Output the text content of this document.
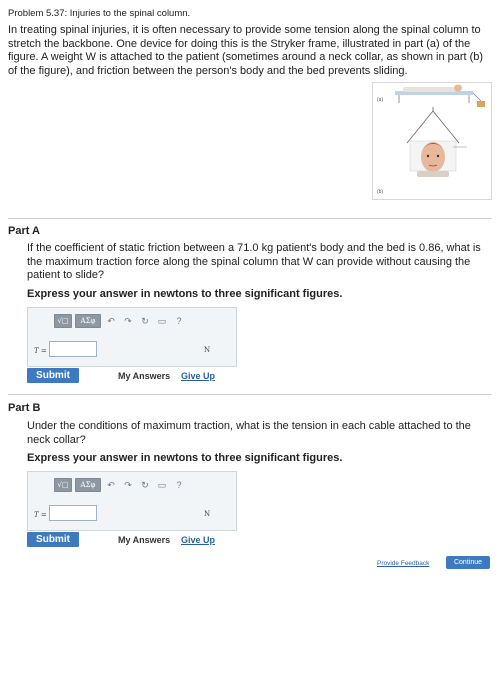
Problem 5.37: Injuries to the spinal column.
In treating spinal injuries, it is often necessary to provide some tension along the spinal column to stretch the backbone. One device for doing this is the Stryker frame, illustrated in part (a) of the figure. A weight W is attached to the patient (sometimes around a neck collar, as shown in part (b) of the figure), and friction between the person's body and the bed prevents sliding.
(a)
(b)
Part A
If the coefficient of static friction between a 71.0 kg patient's body and the bed is 0.86, what is the maximum traction force along the spinal column that W can provide without causing the patient to slide?
Express your answer in newtons to three significant figures.
√□	AΣφ	↶	↷	↻ ▭	?
T =	N
Submit	My Answers Give Up
Part B
Under the conditions of maximum traction, what is the tension in each cable attached to the neck collar?
Express your answer in newtons to three significant figures.
√□	AΣφ	↶	↷	↻ ▭	?
T =	N
Submit	My Answers Give Up
Provide Feedback	Continue
